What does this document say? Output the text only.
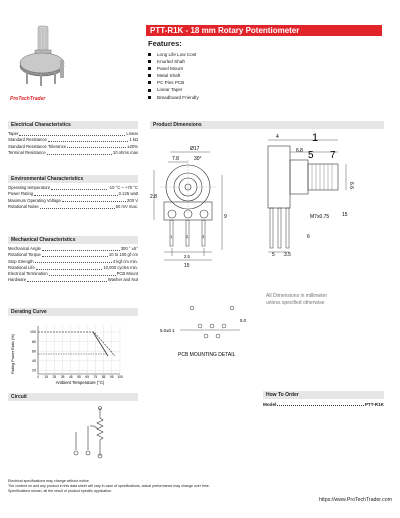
ProTechTrader
PTT-R1K - 18 mm Rotary Potentiometer
Features:
Long Life Low Cost
Knurled Shaft
Panel Mount
Metal Shaft
PC Pins PCB
Linear Taper
Breadboard Friendly
Electrical Characteristics
Taper	Linear
Standard Resistance	1 kΩ
Standard Resistance Tolerance	±20%
Terminal Resistance	10 ohms max
Environmental Characteristics
Operating temperature	-10 °C ~ +70 °C
Power Rating	0.125 watt
Maximum Operating Voltage	200 V
Rotational Noise	60 mV max.
Mechanical Characteristics
Mechanical Angle	300 ° ±5°
Rotational Torque	10 to 100 gf·cm
Stop Strength	4 kgf·cm min.
Rotational Life	10,000 cycles min.
Electrical Termination	PCB Mount
Hardware	Washer and Nut
Derating Curve
Rating Power Ratio (%)
100
80
60
40
20
0 15 25 35 45 55 65 75 85 95 105
Ambient Temperature (°C)
Circuit
Product Dimensions
Ø17
7.8	30°
2.8
15
9
2.5
1	2	3
4	1
6.8 5 7
M7x0.75	15
5 3.5
6
6.6
All Dimensions in millimeter
unless specified otherwise
5.0±0.1
5.0
PCB MOUNTING DETAIL
How To Order
Model	PTT-R1K
Electrical specifications may change without notice.
The content on and any product in this data sheet will vary in case of specifications, actual performance may change over time.
Specifications shown, all the result of product specific application.
https://www.ProTechTrader.com
